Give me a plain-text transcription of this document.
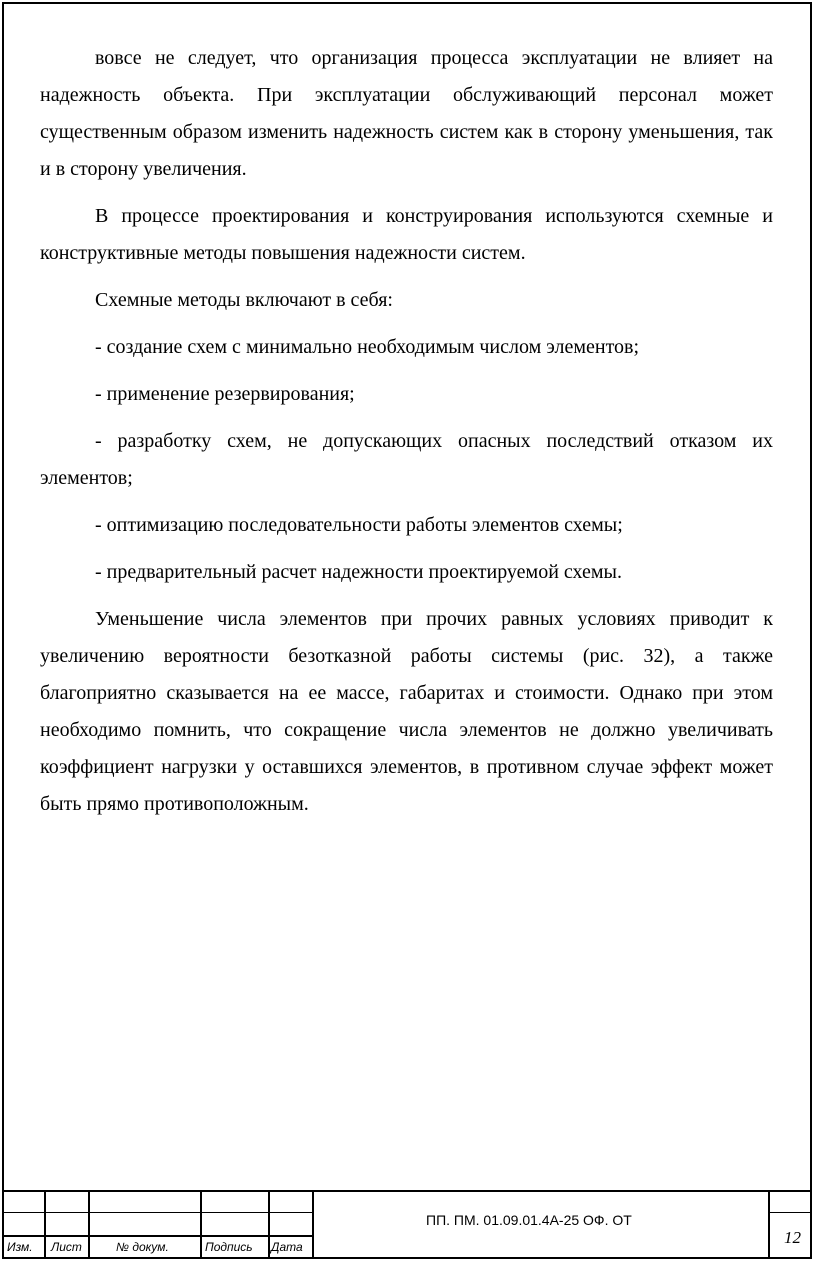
вовсе не следует, что организация процесса эксплуатации не влияет на надежность объекта. При эксплуатации обслуживающий персонал может существенным образом изменить надежность систем как в сторону уменьшения, так и в сторону увеличения.

В процессе проектирования и конструирования используются схемные и конструктивные методы повышения надежности систем.

Схемные методы включают в себя:

- создание схем с минимально необходимым числом элементов;

- применение резервирования;

- разработку схем, не допускающих опасных последствий отказом их элементов;

- оптимизацию последовательности работы элементов схемы;

- предварительный расчет надежности проектируемой схемы.

Уменьшение числа элементов при прочих равных условиях приводит к увеличению вероятности безотказной работы системы (рис. 32), а также благоприятно сказывается на ее массе, габаритах и стоимости. Однако при этом необходимо помнить, что сокращение числа элементов не должно увеличивать коэффициент нагрузки у оставшихся элементов, в противном случае эффект может быть прямо противоположным.

Изм. Лист	№ докум.	Подпись Дата
ПП. ПМ. 01.09.01.4А-25 ОФ. ОТ
12
